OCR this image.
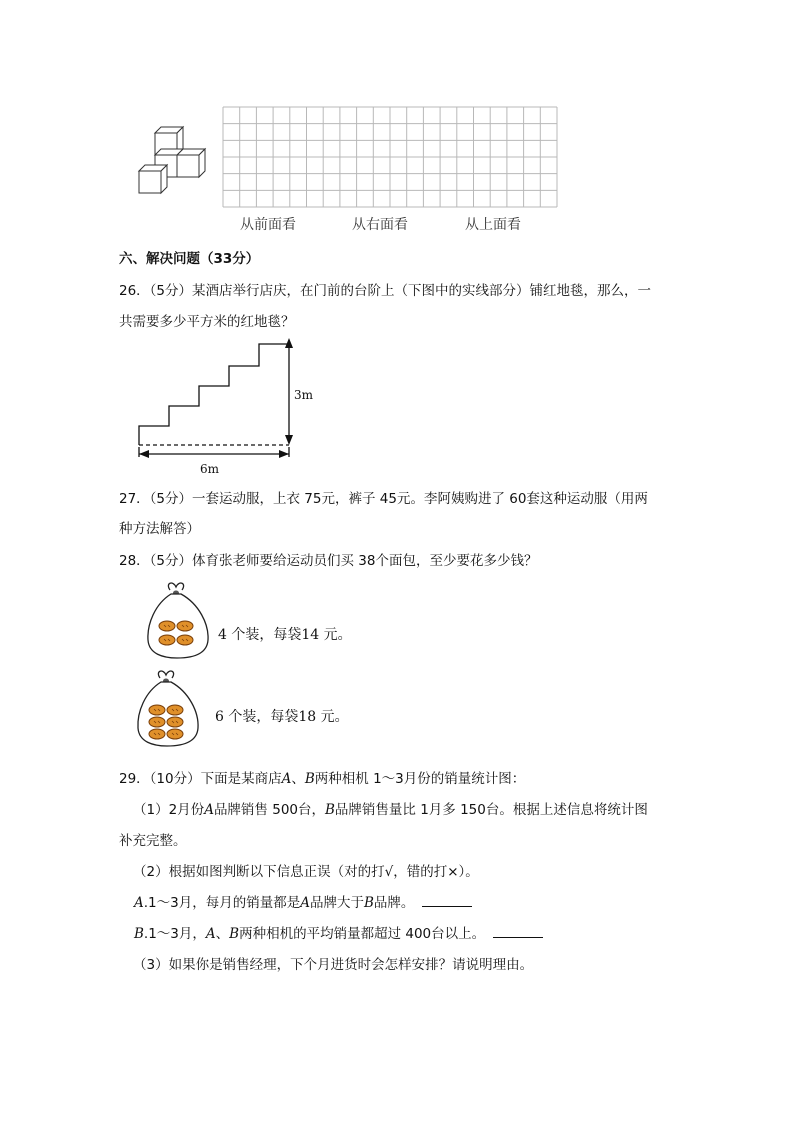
从前面看	从右面看	从上面看
六、解决问题（33分）
26．（5分）某酒店举行店庆，在门前的台阶上（下图中的实线部分）铺红地毯，那么，一
共需要多少平方米的红地毯？
3m
6m
27．（5分）一套运动服，上衣 75元，裤子 45元。李阿姨购进了 60套这种运动服（用两
种方法解答）
28．（5分）体育张老师要给运动员们买 38个面包，至少要花多少钱？
4 个装，每袋14 元。
6 个装，每袋18 元。
29．（10分）下面是某商店A、B两种相机 1～3月份的销量统计图：
（1）2月份A品牌销售 500台，B品牌销售量比 1月多 150台。根据上述信息将统计图
补充完整。
（2）根据如图判断以下信息正误（对的打√，错的打×）。
A.1～3月，每月的销量都是A品牌大于B品牌。
B.1～3月，A、B两种相机的平均销量都超过 400台以上。
（3）如果你是销售经理，下个月进货时会怎样安排？请说明理由。
